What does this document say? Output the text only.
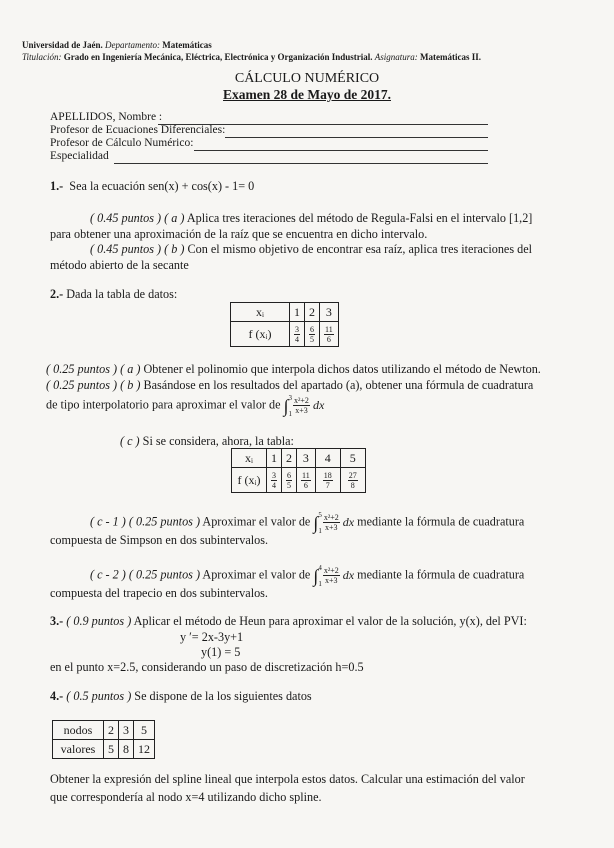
Universidad de Jaén. Departamento: Matemáticas
Titulación: Grado en Ingeniería Mecánica, Eléctrica, Electrónica y Organización Industrial. Asignatura: Matemáticas II.
CÁLCULO NUMÉRICO
Examen 28 de Mayo de 2017.
APELLIDOS, Nombre :
Profesor de Ecuaciones Diferenciales:
Profesor de Cálculo Numérico:
Especialidad
1.- Sea la ecuación sen(x) + cos(x) - 1= 0
( 0.45 puntos ) ( a ) Aplica tres iteraciones del método de Regula-Falsi en el intervalo [1,2]
para obtener una aproximación de la raíz que se encuentra en dicho intervalo.
( 0.45 puntos ) ( b ) Con el mismo objetivo de encontrar esa raíz, aplica tres iteraciones del
método abierto de la secante
2.- Dada la tabla de datos:
xᵢ	1	2	3
f (xᵢ)	$\frac{3}{4}$	$\frac{6}{5}$	$\frac{11}{6}$
( 0.25 puntos ) ( a ) Obtener el polinomio que interpola dichos datos utilizando el método de Newton.
( 0.25 puntos ) ( b ) Basándose en los resultados del apartado (a), obtener una fórmula de cuadratura
de tipo interpolatorio para aproximar el valor de ∫ 3
$1 \frac{\text{x²+2}}{x+3}$ dx
( c ) Si se considera, ahora, la tabla:
xᵢ	1	2	3	4	5
f (xᵢ)	$\frac{3}{4}$	$\frac{6}{5}$	$\frac{11}{6}$	$\frac{18}{7}$	$\frac{27}{8}$
( c - 1 ) ( 0.25 puntos ) Aproximar el valor de ∫ 5
$1 \frac{\text{x²+2}}{x+3}$ dx mediante la fórmula de cuadratura
compuesta de Simpson en dos subintervalos.
( c - 2 ) ( 0.25 puntos ) Aproximar el valor de ∫ 4
$1 \frac{\text{x²+2}}{x+3}$ dx mediante la fórmula de cuadratura
compuesta del trapecio en dos subintervalos.
3.- ( 0.9 puntos ) Aplicar el método de Heun para aproximar el valor de la solución, y(x), del PVI:
y ′= 2x-3y+1
y(1) = 5
en el punto x=2.5, considerando un paso de discretización h=0.5
4.- ( 0.5 puntos ) Se dispone de la los siguientes datos
nodos	2	3	5
valores	5	8	12
Obtener la expresión del spline lineal que interpola estos datos. Calcular una estimación del valor
que correspondería al nodo x=4 utilizando dicho spline.
